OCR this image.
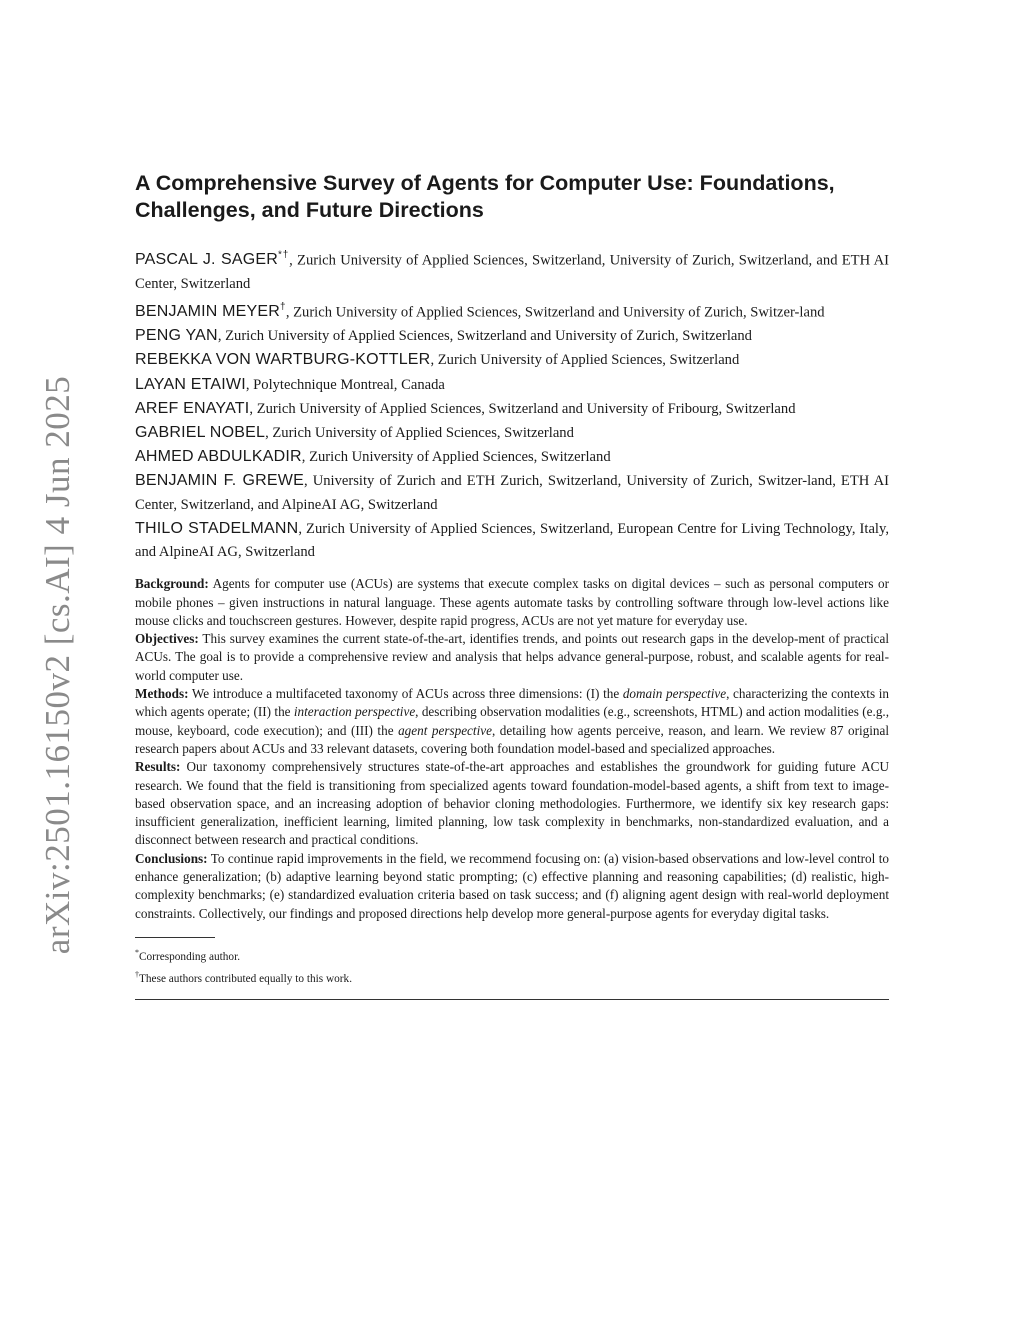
arXiv:2501.16150v2 [cs.AI] 4 Jun 2025
A Comprehensive Survey of Agents for Computer Use: Foundations, Challenges, and Future Directions

PASCAL J. SAGER*†, Zurich University of Applied Sciences, Switzerland, University of Zurich, Switzerland, and ETH AI Center, Switzerland

BENJAMIN MEYER†, Zurich University of Applied Sciences, Switzerland and University of Zurich, Switzer-land

PENG YAN, Zurich University of Applied Sciences, Switzerland and University of Zurich, Switzerland

REBEKKA VON WARTBURG-KOTTLER, Zurich University of Applied Sciences, Switzerland

LAYAN ETAIWI, Polytechnique Montreal, Canada

AREF ENAYATI, Zurich University of Applied Sciences, Switzerland and University of Fribourg, Switzerland

GABRIEL NOBEL, Zurich University of Applied Sciences, Switzerland

AHMED ABDULKADIR, Zurich University of Applied Sciences, Switzerland

BENJAMIN F. GREWE, University of Zurich and ETH Zurich, Switzerland, University of Zurich, Switzer-land, ETH AI Center, Switzerland, and AlpineAI AG, Switzerland

THILO STADELMANN, Zurich University of Applied Sciences, Switzerland, European Centre for Living Technology, Italy, and AlpineAI AG, Switzerland

Background: Agents for computer use (ACUs) are systems that execute complex tasks on digital devices – such as personal computers or mobile phones – given instructions in natural language. These agents automate tasks by controlling software through low-level actions like mouse clicks and touchscreen gestures. However, despite rapid progress, ACUs are not yet mature for everyday use.

Objectives: This survey examines the current state-of-the-art, identifies trends, and points out research gaps in the develop-ment of practical ACUs. The goal is to provide a comprehensive review and analysis that helps advance general-purpose, robust, and scalable agents for real-world computer use.

Methods: We introduce a multifaceted taxonomy of ACUs across three dimensions: (I) the domain perspective, characterizing the contexts in which agents operate; (II) the interaction perspective, describing observation modalities (e.g., screenshots, HTML) and action modalities (e.g., mouse, keyboard, code execution); and (III) the agent perspective, detailing how agents perceive, reason, and learn. We review 87 original research papers about ACUs and 33 relevant datasets, covering both foundation model-based and specialized approaches.

Results: Our taxonomy comprehensively structures state-of-the-art approaches and establishes the groundwork for guiding future ACU research. We found that the field is transitioning from specialized agents toward foundation-model-based agents, a shift from text to image-based observation space, and an increasing adoption of behavior cloning methodologies. Furthermore, we identify six key research gaps: insufficient generalization, inefficient learning, limited planning, low task complexity in benchmarks, non-standardized evaluation, and a disconnect between research and practical conditions.

Conclusions: To continue rapid improvements in the field, we recommend focusing on: (a) vision-based observations and low-level control to enhance generalization; (b) adaptive learning beyond static prompting; (c) effective planning and reasoning capabilities; (d) realistic, high-complexity benchmarks; (e) standardized evaluation criteria based on task success; and (f) aligning agent design with real-world deployment constraints. Collectively, our findings and proposed directions help develop more general-purpose agents for everyday digital tasks.

*Corresponding author.

†These authors contributed equally to this work.
